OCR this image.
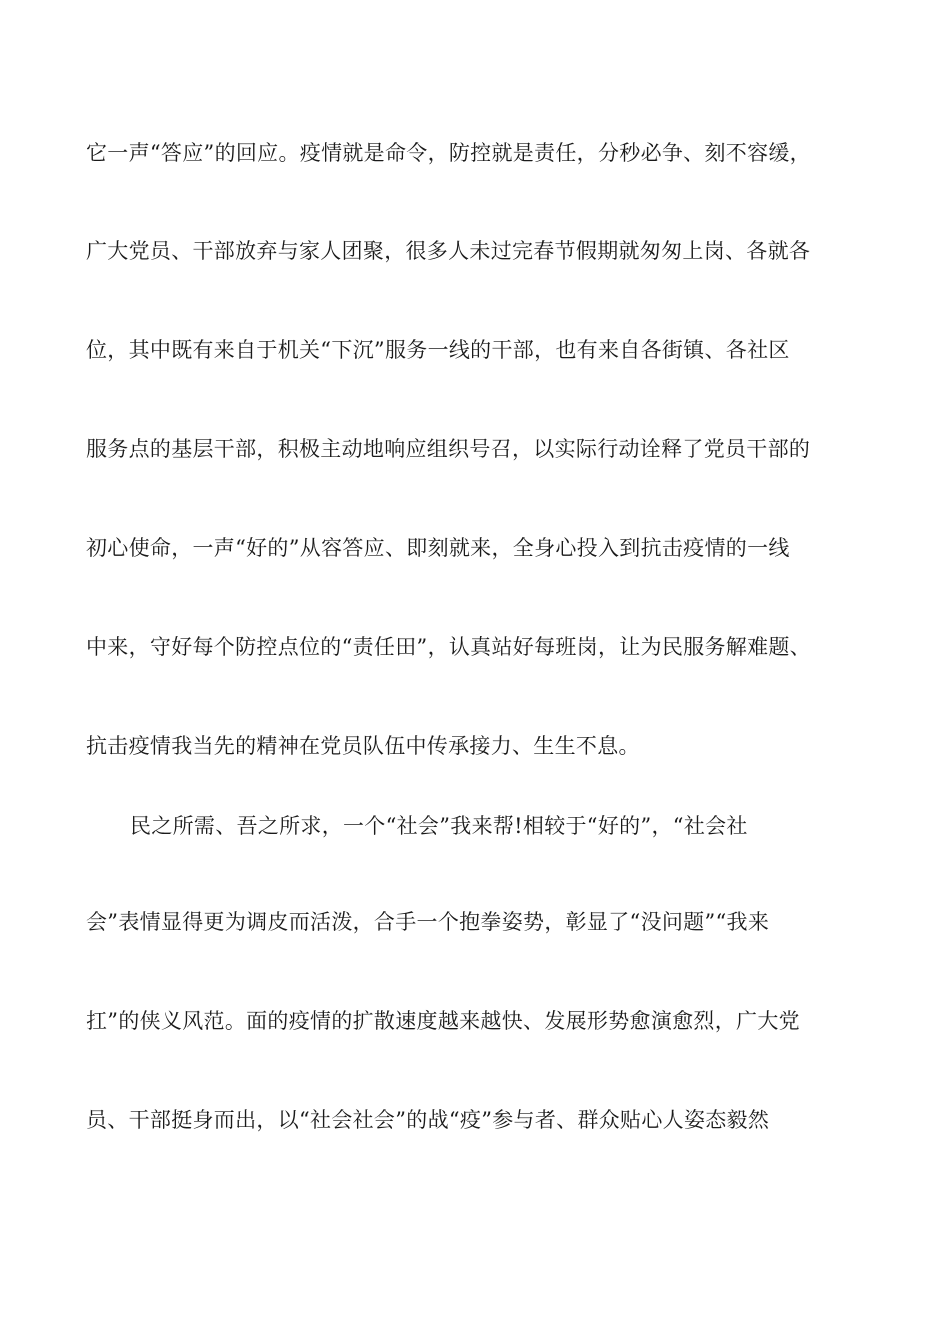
它一声“答应”的回应。疫情就是命令，防控就是责任，分秒必争、刻不容缓，

广大党员、干部放弃与家人团聚，很多人未过完春节假期就匆匆上岗、各就各

位，其中既有来自于机关“下沉”服务一线的干部，也有来自各街镇、各社区

服务点的基层干部，积极主动地响应组织号召，以实际行动诠释了党员干部的

初心使命，一声“好的”从容答应、即刻就来，全身心投入到抗击疫情的一线

中来，守好每个防控点位的“责任田”，认真站好每班岗，让为民服务解难题、

抗击疫情我当先的精神在党员队伍中传承接力、生生不息。

民之所需、吾之所求，一个“社会”我来帮!相较于“好的”，“社会社

会”表情显得更为调皮而活泼，合手一个抱拳姿势，彰显了“没问题”“我来

扛”的侠义风范。面的疫情的扩散速度越来越快、发展形势愈演愈烈，广大党

员、干部挺身而出，以“社会社会”的战“疫”参与者、群众贴心人姿态毅然
